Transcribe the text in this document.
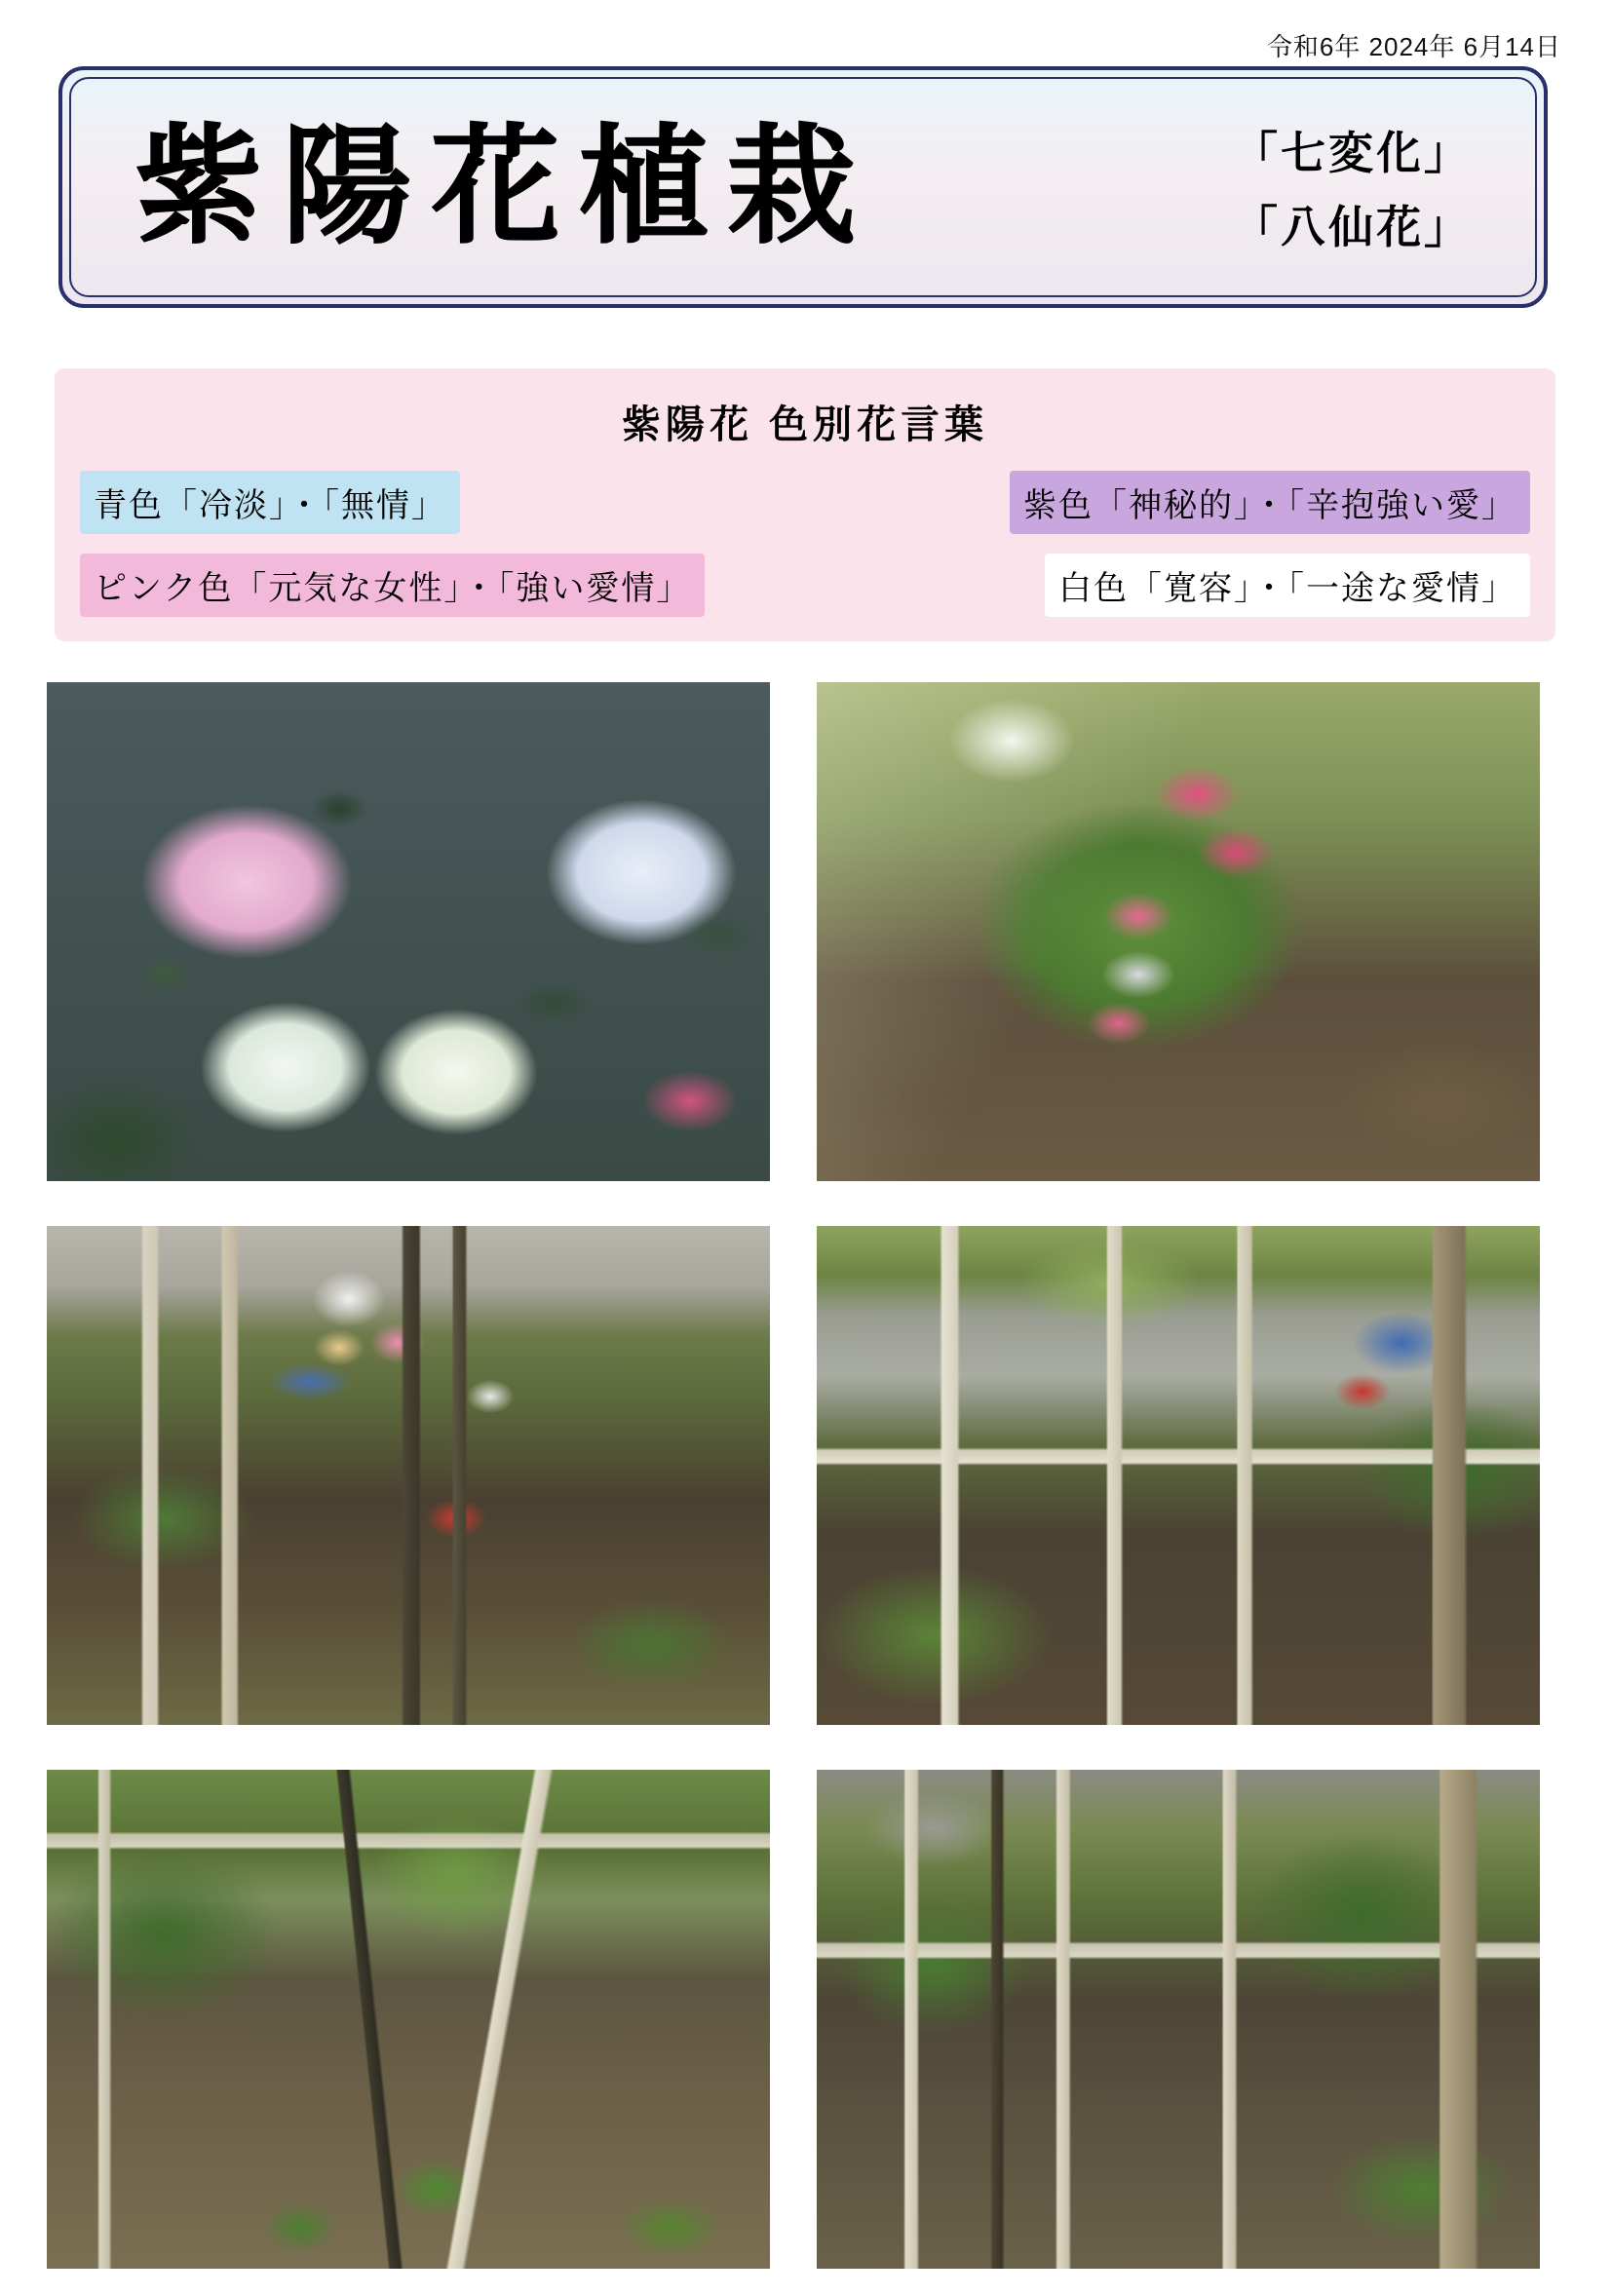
令和6年 2024年 6月14日
紫陽花植栽	「七変化」
「八仙花」
紫陽花 色別花言葉
青色「冷淡」・「無情」	紫色「神秘的」・「辛抱強い愛」
ピンク色「元気な女性」・「強い愛情」	白色「寛容」・「一途な愛情」
